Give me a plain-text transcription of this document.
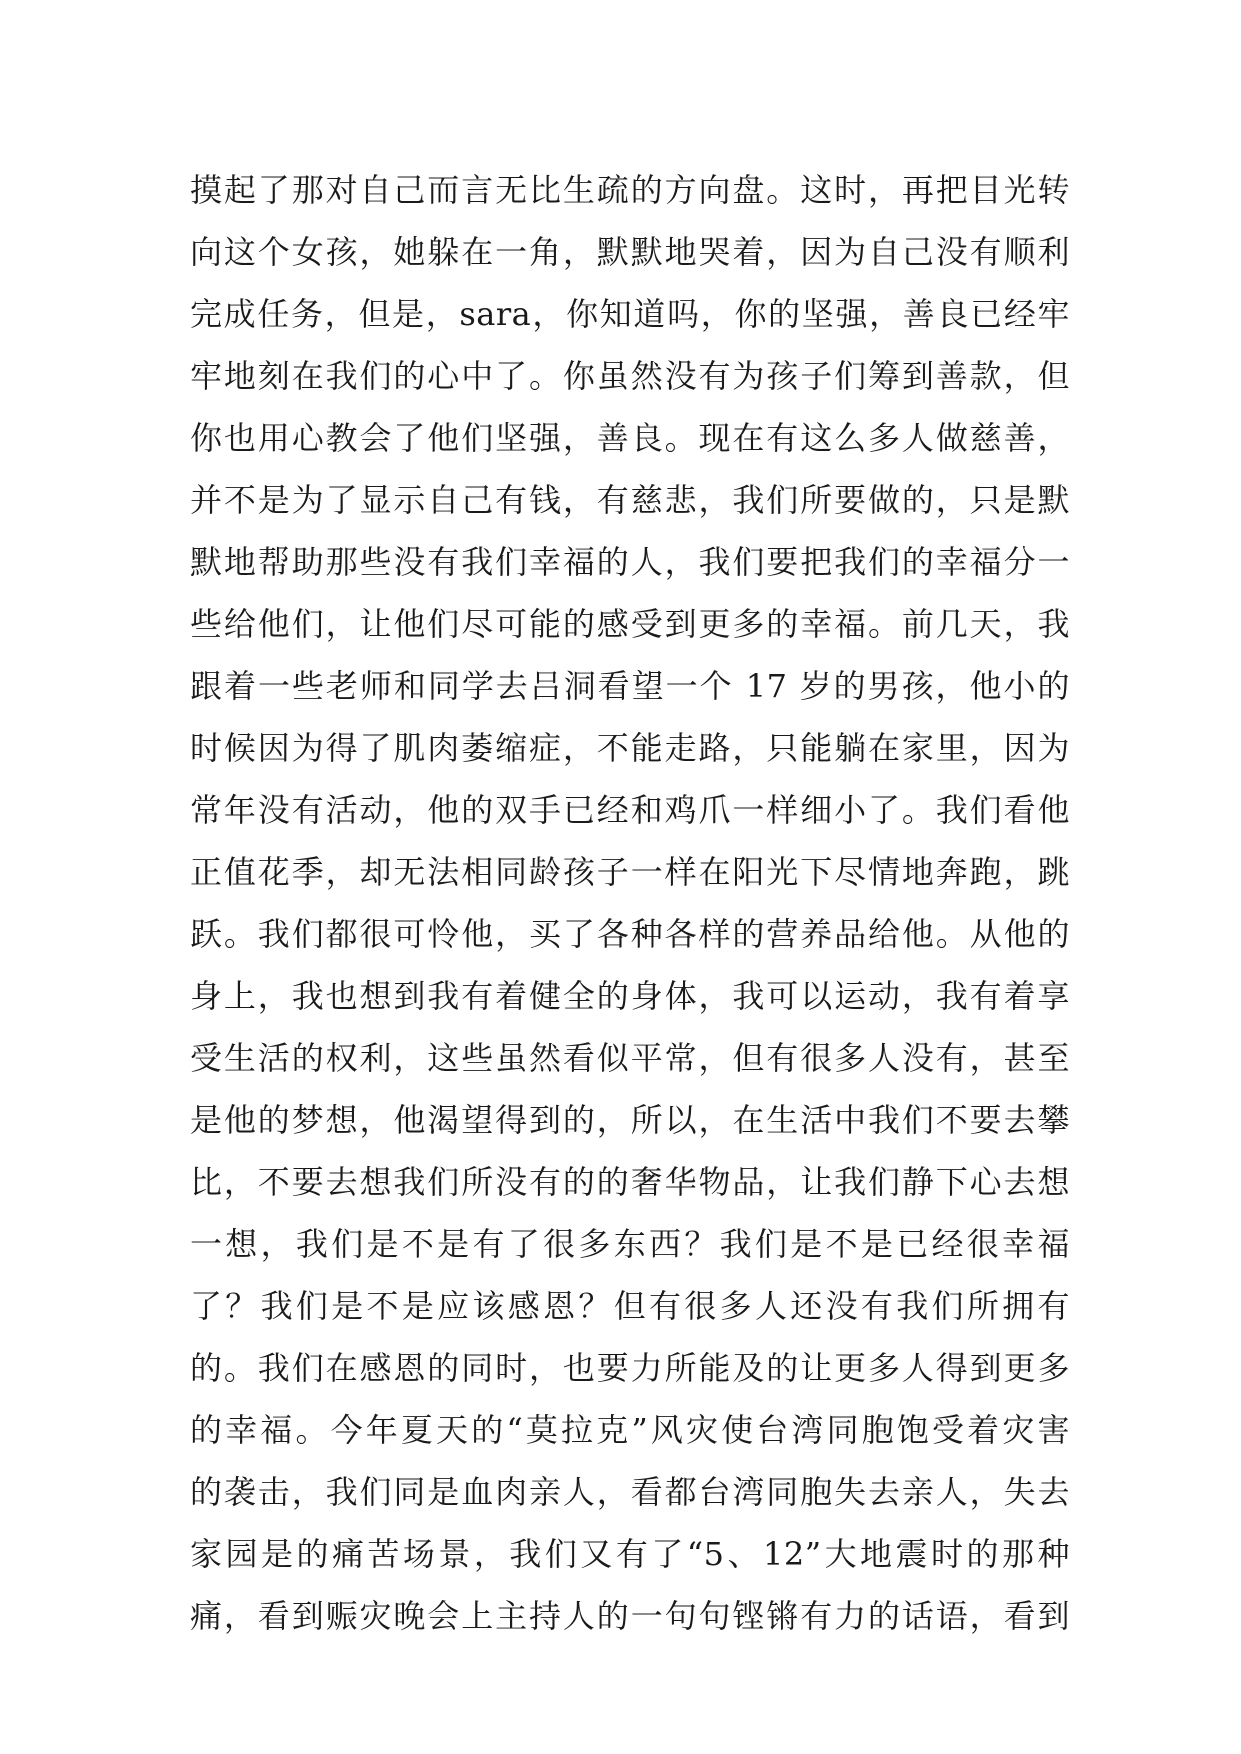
摸起了那对自己而言无比生疏的方向盘。这时，再把目光转
向这个女孩，她躲在一角，默默地哭着，因为自己没有顺利
完成任务，但是，sara，你知道吗，你的坚强，善良已经牢
牢地刻在我们的心中了。你虽然没有为孩子们筹到善款，但
你也用心教会了他们坚强，善良。现在有这么多人做慈善，
并不是为了显示自己有钱，有慈悲，我们所要做的，只是默
默地帮助那些没有我们幸福的人，我们要把我们的幸福分一
些给他们，让他们尽可能的感受到更多的幸福。前几天，我
跟着一些老师和同学去吕洞看望一个 17 岁的男孩，他小的
时候因为得了肌肉萎缩症，不能走路，只能躺在家里，因为
常年没有活动，他的双手已经和鸡爪一样细小了。我们看他
正值花季，却无法相同龄孩子一样在阳光下尽情地奔跑，跳
跃。我们都很可怜他，买了各种各样的营养品给他。从他的
身上，我也想到我有着健全的身体，我可以运动，我有着享
受生活的权利，这些虽然看似平常，但有很多人没有，甚至
是他的梦想，他渴望得到的，所以，在生活中我们不要去攀
比，不要去想我们所没有的的奢华物品，让我们静下心去想
一想，我们是不是有了很多东西？我们是不是已经很幸福
了？我们是不是应该感恩？但有很多人还没有我们所拥有
的。我们在感恩的同时，也要力所能及的让更多人得到更多
的幸福。今年夏天的“莫拉克”风灾使台湾同胞饱受着灾害
的袭击，我们同是血肉亲人，看都台湾同胞失去亲人，失去
家园是的痛苦场景，我们又有了“5、12”大地震时的那种
痛，看到赈灾晚会上主持人的一句句铿锵有力的话语，看到
